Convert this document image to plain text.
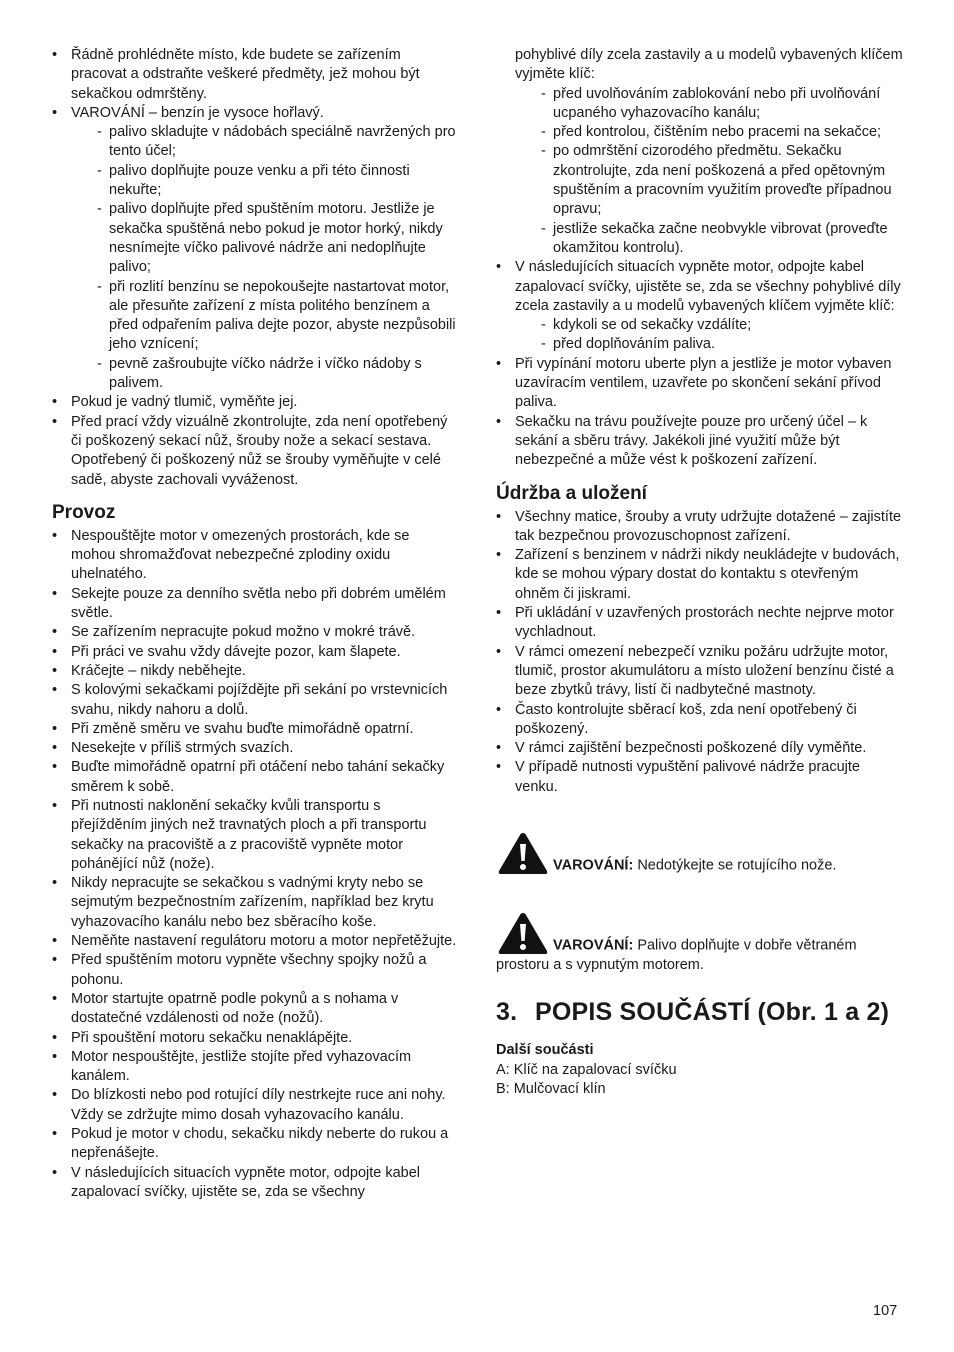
• Řádně prohlédněte místo, kde budete se zařízením pracovat a odstraňte veškeré předměty, jež mohou být sekačkou odmrštěny.
• VAROVÁNÍ – benzín je vysoce hořlavý.
- palivo skladujte v nádobách speciálně navržených pro tento účel;
- palivo doplňujte pouze venku a při této činnosti nekuřte;
- palivo doplňujte před spuštěním motoru. Jestliže je sekačka spuštěná nebo pokud je motor horký, nikdy nesnímejte víčko palivové nádrže ani nedoplňujte palivo;
- při rozlití benzínu se nepokoušejte nastartovat motor, ale přesuňte zařízení z místa politého benzínem a před odpařením paliva dejte pozor, abyste nezpůsobili jeho vznícení;
- pevně zašroubujte víčko nádrže i víčko nádoby s palivem.
• Pokud je vadný tlumič, vyměňte jej.
• Před prací vždy vizuálně zkontrolujte, zda není opotřebený či poškozený sekací nůž, šrouby nože a sekací sestava. Opotřebený či poškozený nůž se šrouby vyměňujte v celé sadě, abyste zachovali vyváženost.
Provoz
• Nespouštějte motor v omezených prostorách, kde se mohou shromažďovat nebezpečné zplodiny oxidu uhelnatého.
• Sekejte pouze za denního světla nebo při dobrém umělém světle.
• Se zařízením nepracujte pokud možno v mokré trávě.
• Při práci ve svahu vždy dávejte pozor, kam šlapete.
• Kráčejte – nikdy neběhejte.
• S kolovými sekačkami pojíždějte při sekání po vrstevnicích svahu, nikdy nahoru a dolů.
• Při změně směru ve svahu buďte mimořádně opatrní.
• Nesekejte v příliš strmých svazích.
• Buďte mimořádně opatrní při otáčení nebo tahání sekačky směrem k sobě.
• Při nutnosti naklonění sekačky kvůli transportu s přejížděním jiných než travnatých ploch a při transportu sekačky na pracoviště a z pracoviště vypněte motor pohánějící nůž (nože).
• Nikdy nepracujte se sekačkou s vadnými kryty nebo se sejmutým bezpečnostním zařízením, například bez krytu vyhazovacího kanálu nebo bez sběracího koše.
• Neměňte nastavení regulátoru motoru a motor nepřetěžujte.
• Před spuštěním motoru vypněte všechny spojky nožů a pohonu.
• Motor startujte opatrně podle pokynů a s nohama v dostatečné vzdálenosti od nože (nožů).
• Při spouštění motoru sekačku nenaklápějte.
• Motor nespouštějte, jestliže stojíte před vyhazovacím kanálem.
• Do blízkosti nebo pod rotující díly nestrkejte ruce ani nohy. Vždy se zdržujte mimo dosah vyhazovacího kanálu.
• Pokud je motor v chodu, sekačku nikdy neberte do rukou a nepřenášejte.
• V následujících situacích vypněte motor, odpojte kabel zapalovací svíčky, ujistěte se, zda se všechny
pohyblivé díly zcela zastavily a u modelů vybavených klíčem vyjměte klíč:
- před uvolňováním zablokování nebo při uvolňování ucpaného vyhazovacího kanálu;
- před kontrolou, čištěním nebo pracemi na sekačce;
- po odmrštění cizorodého předmětu. Sekačku zkontrolujte, zda není poškozená a před opětovným spuštěním a pracovním využitím proveďte případnou opravu;
- jestliže sekačka začne neobvykle vibrovat (proveďte okamžitou kontrolu).
• V následujících situacích vypněte motor, odpojte kabel zapalovací svíčky, ujistěte se, zda se všechny pohyblivé díly zcela zastavily a u modelů vybavených klíčem vyjměte klíč:
- kdykoli se od sekačky vzdálíte;
- před doplňováním paliva.
• Při vypínání motoru uberte plyn a jestliže je motor vybaven uzavíracím ventilem, uzavřete po skončení sekání přívod paliva.
• Sekačku na trávu používejte pouze pro určený účel – k sekání a sběru trávy. Jakékoli jiné využití může být nebezpečné a může vést k poškození zařízení.
Údržba a uložení
• Všechny matice, šrouby a vruty udržujte dotažené – zajistíte tak bezpečnou provozuschopnost zařízení.
• Zařízení s benzinem v nádrži nikdy neukládejte v budovách, kde se mohou výpary dostat do kontaktu s otevřeným ohněm či jiskrami.
• Při ukládání v uzavřených prostorách nechte nejprve motor vychladnout.
• V rámci omezení nebezpečí vzniku požáru udržujte motor, tlumič, prostor akumulátoru a místo uložení benzínu čisté a beze zbytků trávy, listí či nadbytečné mastnoty.
• Často kontrolujte sběrací koš, zda není opotřebený či poškozený.
• V rámci zajištění bezpečnosti poškozené díly vyměňte.
• V případě nutnosti vypuštění palivové nádrže pracujte venku.

VAROVÁNÍ: Nedotýkejte se rotujícího nože.

VAROVÁNÍ: Palivo doplňujte v dobře větraném prostoru a s vypnutým motorem.

3. POPIS SOUČÁSTÍ (Obr. 1 a 2)

Další součásti

A: Klíč na zapalovací svíčku

B: Mulčovací klín

107
